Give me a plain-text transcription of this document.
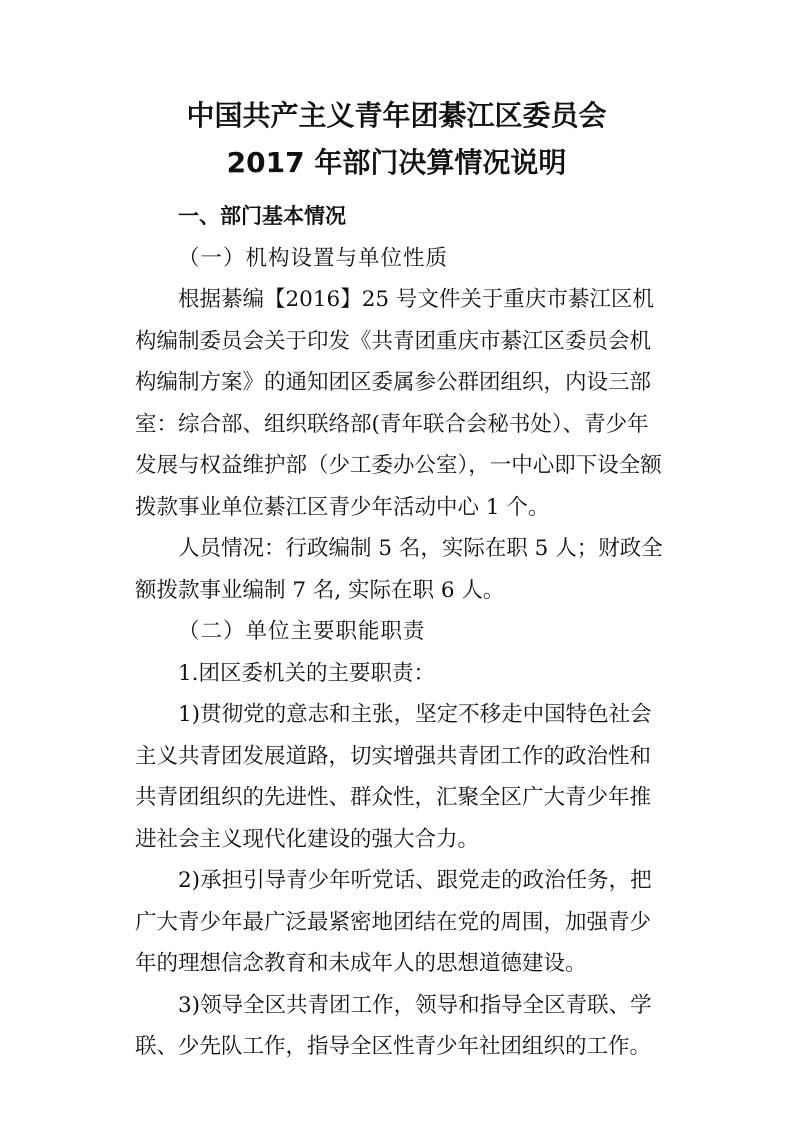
中国共产主义青年团綦江区委员会
2017 年部门决算情况说明

一、部门基本情况

（一）机构设置与单位性质

根据綦编【2016】25 号文件关于重庆市綦江区机构编制委员会关于印发《共青团重庆市綦江区委员会机构编制方案》的通知团区委属参公群团组织，内设三部室：综合部、组织联络部(青年联合会秘书处）、青少年发展与权益维护部（少工委办公室），一中心即下设全额拨款事业单位綦江区青少年活动中心 1 个。

人员情况：行政编制 5 名，实际在职 5 人；财政全额拨款事业编制 7 名, 实际在职 6 人。

（二）单位主要职能职责

1.团区委机关的主要职责：

1)贯彻党的意志和主张，坚定不移走中国特色社会主义共青团发展道路，切实增强共青团工作的政治性和共青团组织的先进性、群众性，汇聚全区广大青少年推进社会主义现代化建设的强大合力。

2)承担引导青少年听党话、跟党走的政治任务，把广大青少年最广泛最紧密地团结在党的周围，加强青少年的理想信念教育和未成年人的思想道德建设。

3)领导全区共青团工作，领导和指导全区青联、学联、少先队工作，指导全区性青少年社团组织的工作。
